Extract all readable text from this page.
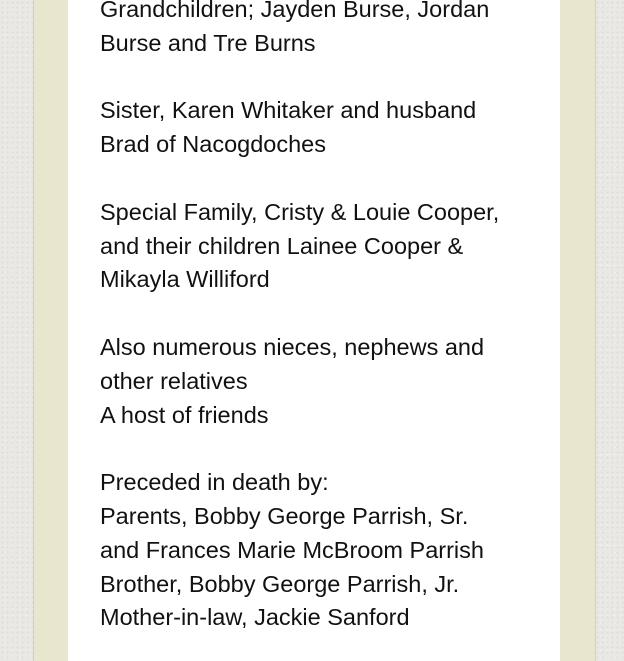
Grandchildren; Jayden Burse, Jordan
Burse and Tre Burns

Sister, Karen Whitaker and husband
Brad of Nacogdoches

Special Family, Cristy & Louie Cooper,
and their children Lainee Cooper &
Mikayla Williford

Also numerous nieces, nephews and
other relatives
A host of friends

Preceded in death by:
Parents, Bobby George Parrish, Sr.
and Frances Marie McBroom Parrish
Brother, Bobby George Parrish, Jr.
Mother-in-law, Jackie Sanford
